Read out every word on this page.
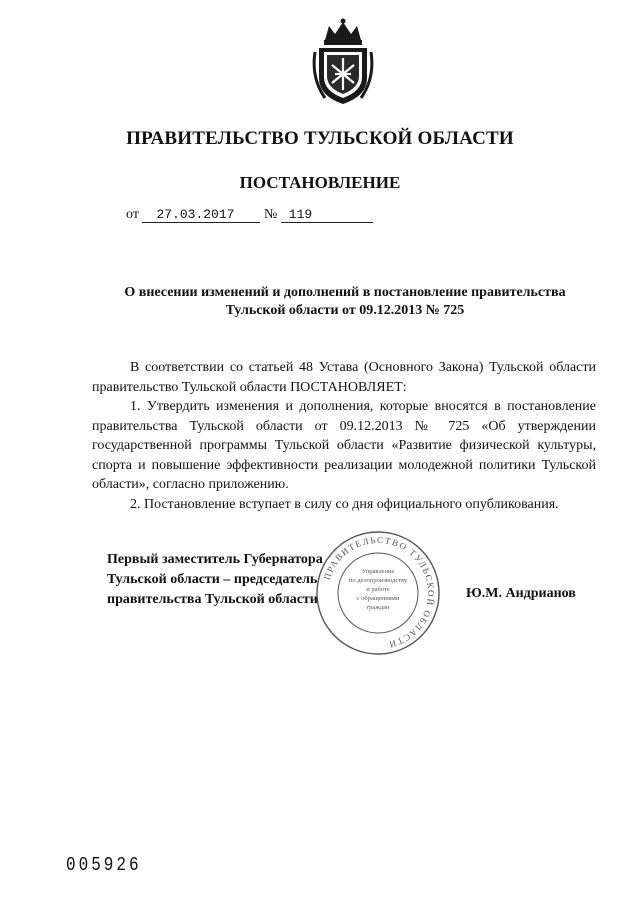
ПРАВИТЕЛЬСТВО ТУЛЬСКОЙ ОБЛАСТИ
ПОСТАНОВЛЕНИЕ
от 27.03.2017 № 119
О внесении изменений и дополнений в постановление правительства
Тульской области от 09.12.2013 № 725

В соответствии со статьей 48 Устава (Основного Закона) Тульской области правительство Тульской области ПОСТАНОВЛЯЕТ:

1. Утвердить изменения и дополнения, которые вносятся в постановление правительства Тульской области от 09.12.2013 № 725 «Об утверждении государственной программы Тульской области «Развитие физической культуры, спорта и повышение эффективности реализации молодежной политики Тульской области», согласно приложению.

2. Постановление вступает в силу со дня официального опубликования.

Первый заместитель Губернатора
Тульской области – председатель
правительства Тульской области	Ю.М. Андрианов
ПРАВИТЕЛЬСТВО ТУЛЬСКОЙ ОБЛАСТИ
Управление
по делопроизводству
и работе
с обращениями
граждан
005926
